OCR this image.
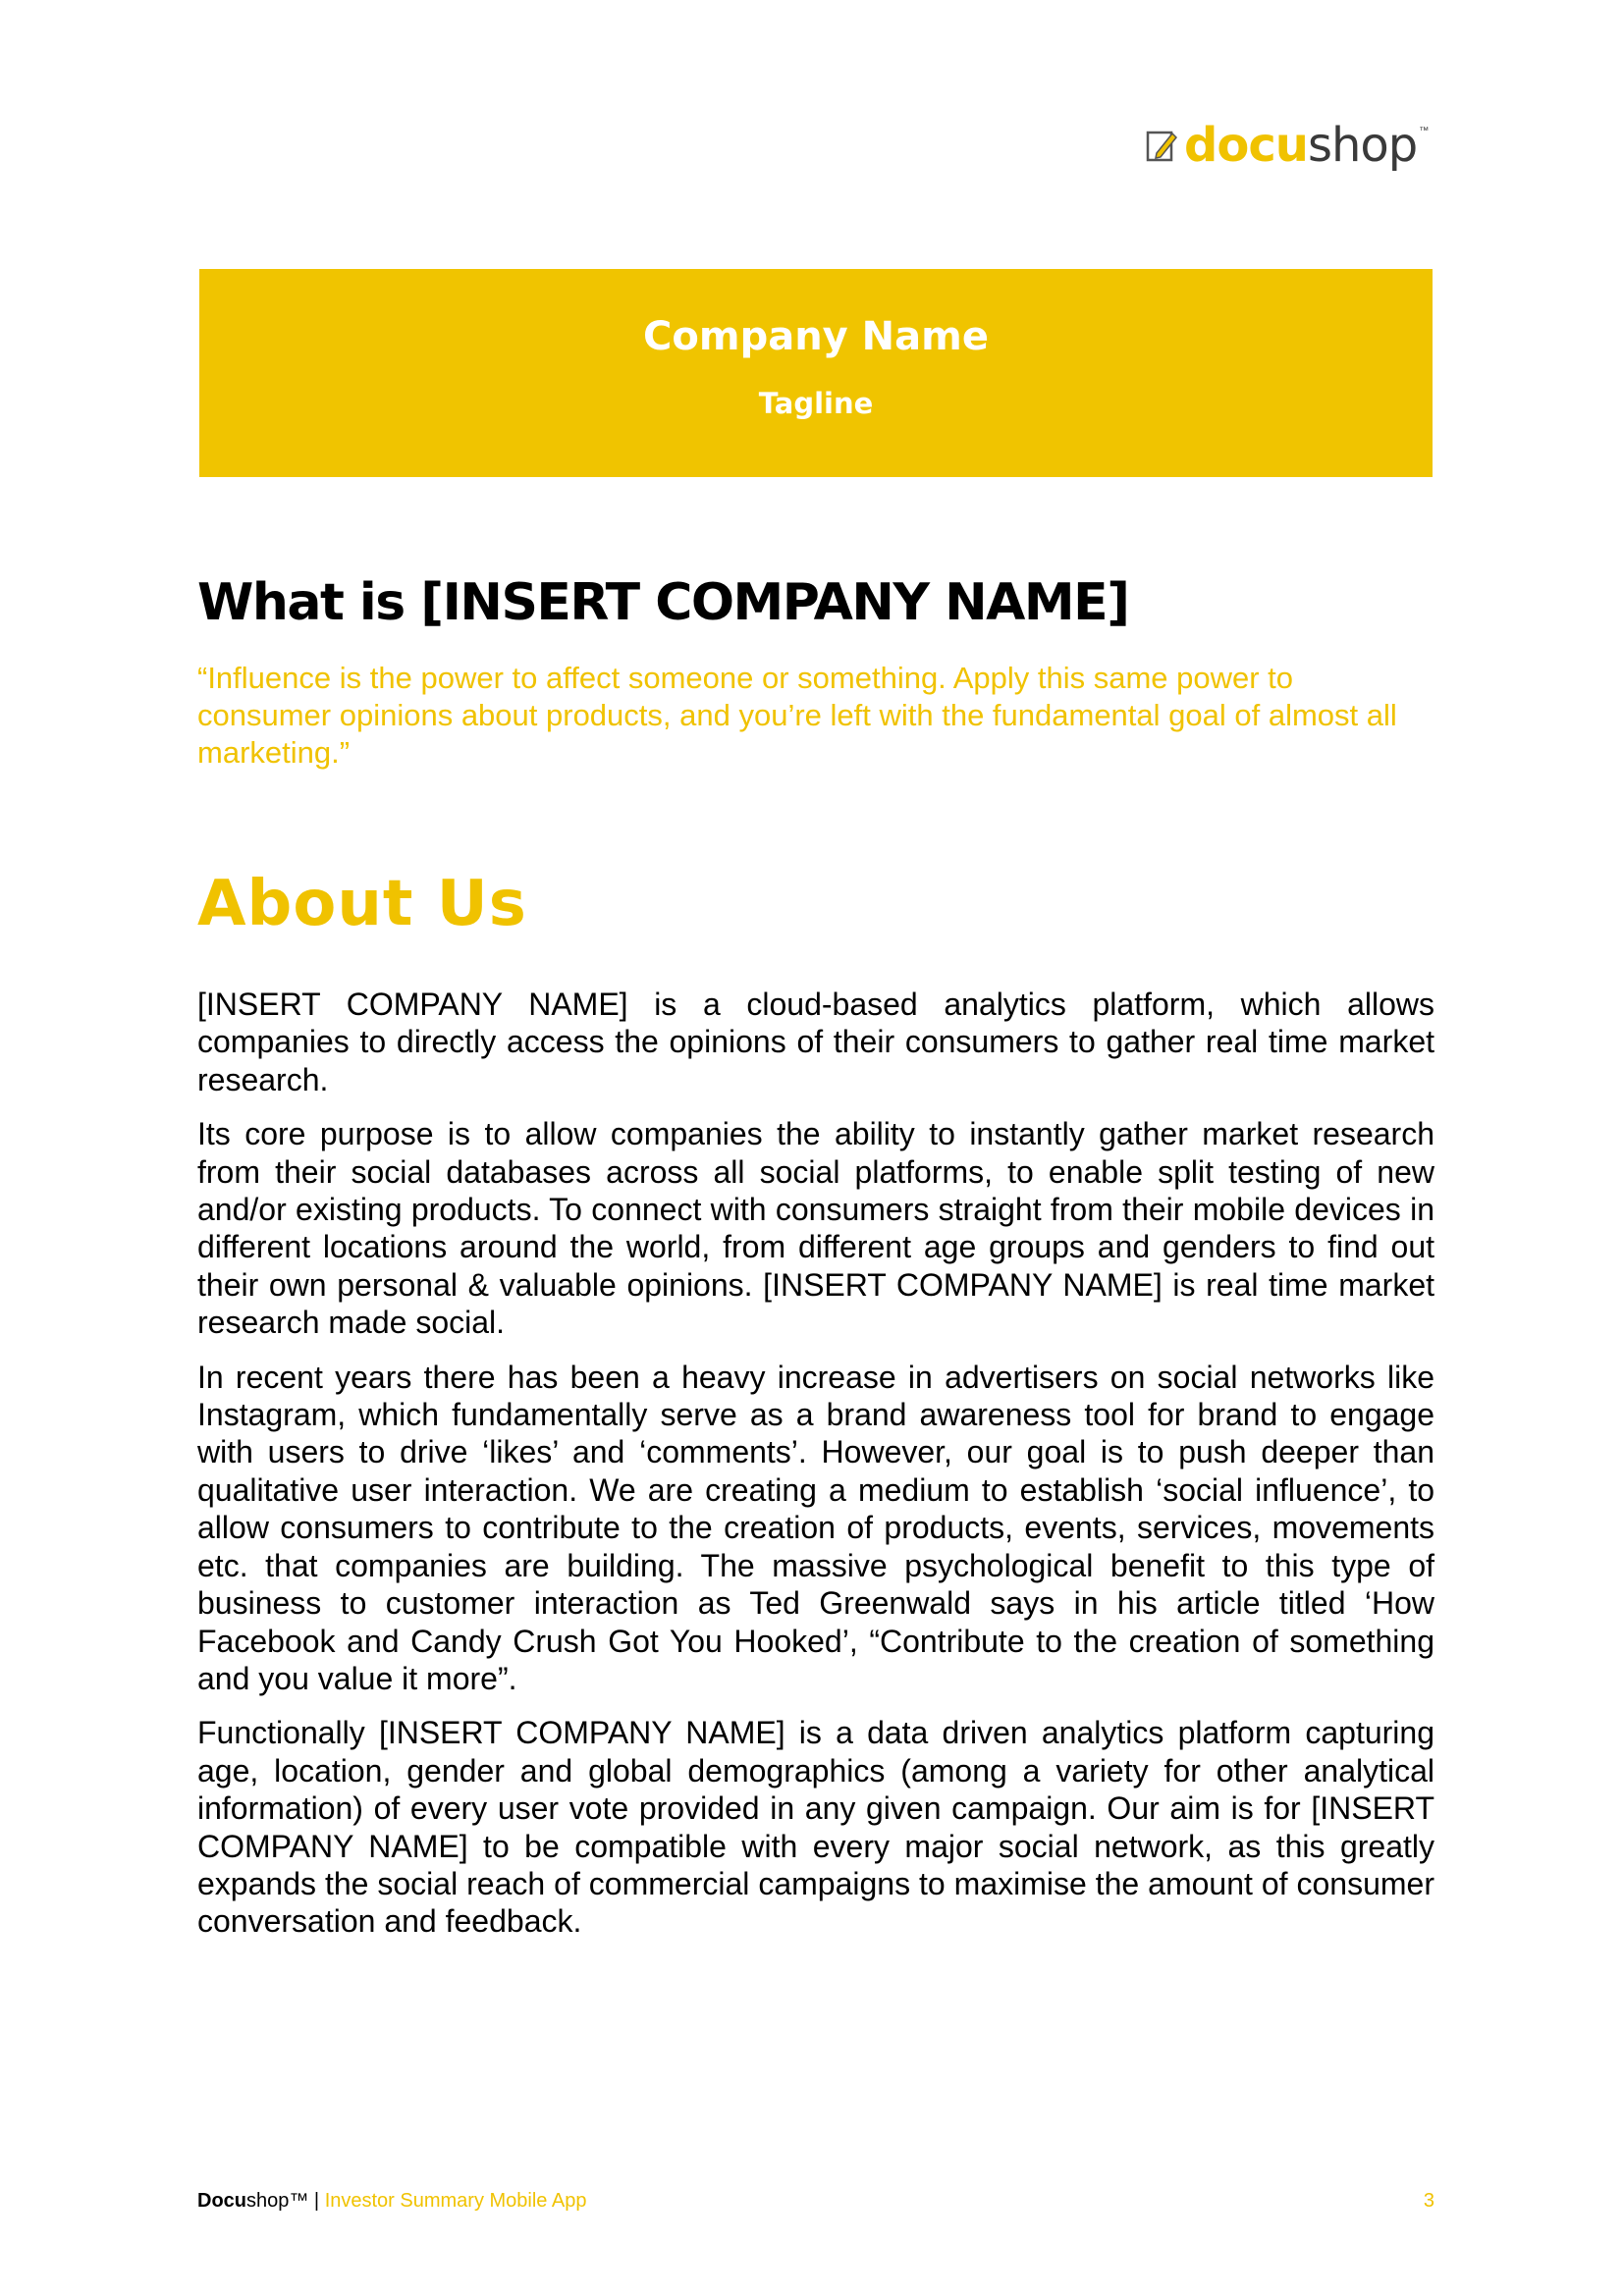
docushop ™
Company Name
Tagline
What is [INSERT COMPANY NAME]
“Influence is the power to affect someone or something. Apply this same power to consumer opinions about products, and you’re left with the fundamental goal of almost all marketing.”
About Us

[INSERT COMPANY NAME] is a cloud-based analytics platform, which allows companies to directly access the opinions of their consumers to gather real time market research.

Its core purpose is to allow companies the ability to instantly gather market research from their social databases across all social platforms, to enable split testing of new and/or existing products. To connect with consumers straight from their mobile devices in different locations around the world, from different age groups and genders to find out their own personal & valuable opinions. [INSERT COMPANY NAME] is real time market research made social.

In recent years there has been a heavy increase in advertisers on social networks like Instagram, which fundamentally serve as a brand awareness tool for brand to engage with users to drive ‘likes’ and ‘comments’. However, our goal is to push deeper than qualitative user interaction. We are creating a medium to establish ‘social influence’, to allow consumers to contribute to the creation of products, events, services, movements etc. that companies are building. The massive psychological benefit to this type of business to customer interaction as Ted Greenwald says in his article titled ‘How Facebook and Candy Crush Got You Hooked’, “Contribute to the creation of something and you value it more”.

Functionally [INSERT COMPANY NAME] is a data driven analytics platform capturing age, location, gender and global demographics (among a variety for other analytical information) of every user vote provided in any given campaign. Our aim is for [INSERT COMPANY NAME] to be compatible with every major social network, as this greatly expands the social reach of commercial campaigns to maximise the amount of consumer conversation and feedback.

Docushop™ | Investor Summary Mobile App	3
